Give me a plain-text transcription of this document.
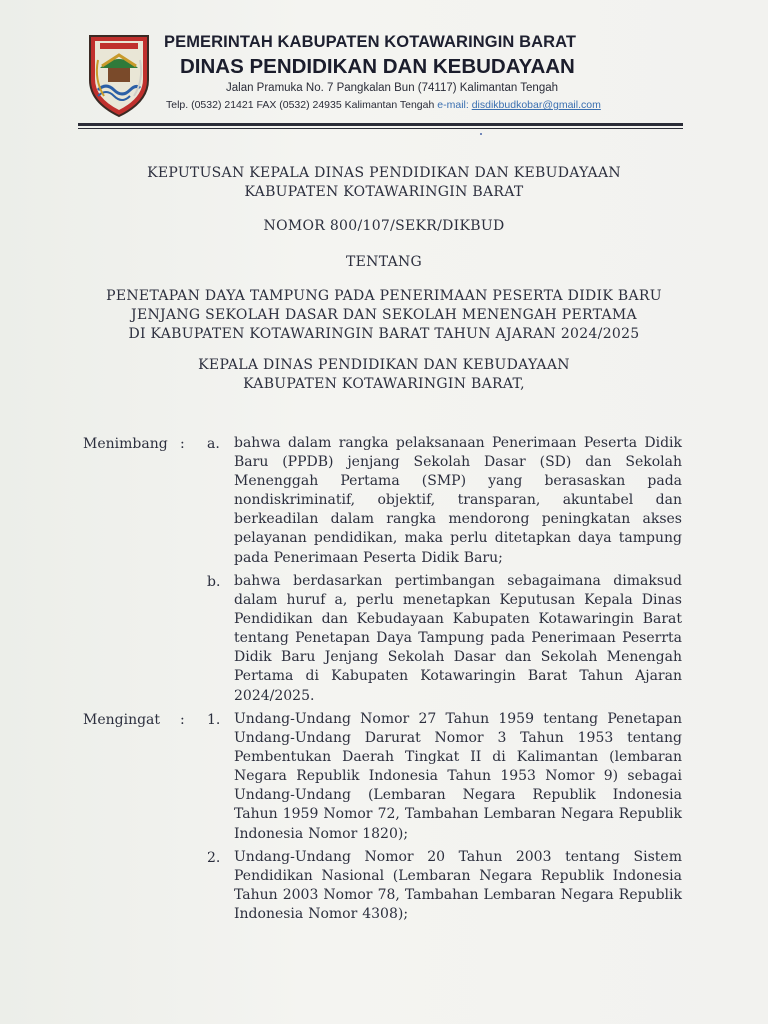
PEMERINTAH KABUPATEN KOTAWARINGIN BARAT
DINAS PENDIDIKAN DAN KEBUDAYAAN
Jalan Pramuka No. 7 Pangkalan Bun (74117) Kalimantan Tengah
Telp. (0532) 21421 FAX (0532) 24935 Kalimantan Tengah e-mail: disdikbudkobar@gmail.com
KEPUTUSAN KEPALA DINAS PENDIDIKAN DAN KEBUDAYAAN
KABUPATEN KOTAWARINGIN BARAT
NOMOR 800/107/SEKR/DIKBUD
TENTANG
PENETAPAN DAYA TAMPUNG PADA PENERIMAAN PESERTA DIDIK BARU
JENJANG SEKOLAH DASAR DAN SEKOLAH MENENGAH PERTAMA
DI KABUPATEN KOTAWARINGIN BARAT TAHUN AJARAN 2024/2025
KEPALA DINAS PENDIDIKAN DAN KEBUDAYAAN
KABUPATEN KOTAWARINGIN BARAT,
Menimbang : a. bahwa dalam rangka pelaksanaan Penerimaan Peserta Didik Baru (PPDB) jenjang Sekolah Dasar (SD) dan Sekolah Menenggah Pertama (SMP) yang berasaskan pada nondiskriminatif, objektif, transparan, akuntabel dan berkeadilan dalam rangka mendorong peningkatan akses pelayanan pendidikan, maka perlu ditetapkan daya tampung pada Penerimaan Peserta Didik Baru;
b. bahwa berdasarkan pertimbangan sebagaimana dimaksud dalam huruf a, perlu menetapkan Keputusan Kepala Dinas Pendidikan dan Kebudayaan Kabupaten Kotawaringin Barat tentang Penetapan Daya Tampung pada Penerimaan Peserrta Didik Baru Jenjang Sekolah Dasar dan Sekolah Menengah Pertama di Kabupaten Kotawaringin Barat Tahun Ajaran 2024/2025.
Mengingat : 1. Undang-Undang Nomor 27 Tahun 1959 tentang Penetapan Undang-Undang Darurat Nomor 3 Tahun 1953 tentang Pembentukan Daerah Tingkat II di Kalimantan (lembaran Negara Republik Indonesia Tahun 1953 Nomor 9) sebagai Undang-Undang (Lembaran Negara Republik Indonesia Tahun 1959 Nomor 72, Tambahan Lembaran Negara Republik Indonesia Nomor 1820);
2. Undang-Undang Nomor 20 Tahun 2003 tentang Sistem Pendidikan Nasional (Lembaran Negara Republik Indonesia Tahun 2003 Nomor 78, Tambahan Lembaran Negara Republik Indonesia Nomor 4308);
